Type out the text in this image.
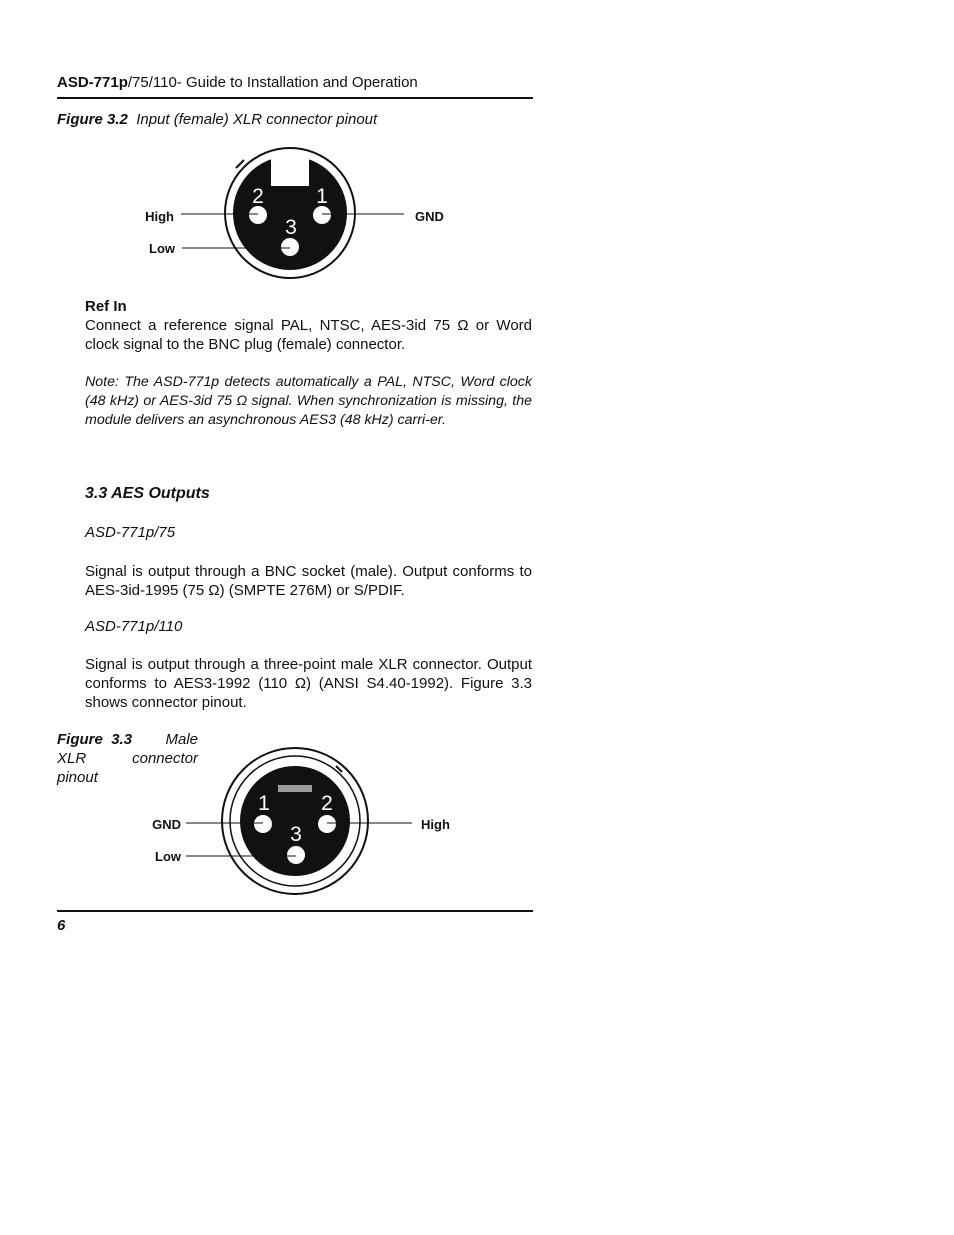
ASD-771p/75/110- Guide to Installation and Operation
Figure 3.2 Input (female) XLR connector pinout
2 1
3
High	GND
Low
Ref In
Connect a reference signal PAL, NTSC, AES-3id 75 Ω or Word clock signal to the BNC plug (female) connector.
Note: The ASD-771p detects automatically a PAL, NTSC, Word clock (48 kHz) or AES-3id 75 Ω signal. When synchronization is missing, the module delivers an asynchronous AES3 (48 kHz) carri-er.
3.3 AES Outputs
ASD-771p/75
Signal is output through a BNC socket (male). Output conforms to AES-3id-1995 (75 Ω) (SMPTE 276M) or S/PDIF.
ASD-771p/110
Signal is output through a three-point male XLR connector. Output conforms to AES3-1992 (110 Ω) (ANSI S4.40-1992). Figure 3.3 shows connector pinout.
Figure 3.3 Male XLR connector pinout
1 2
3
GND	High
Low
6
